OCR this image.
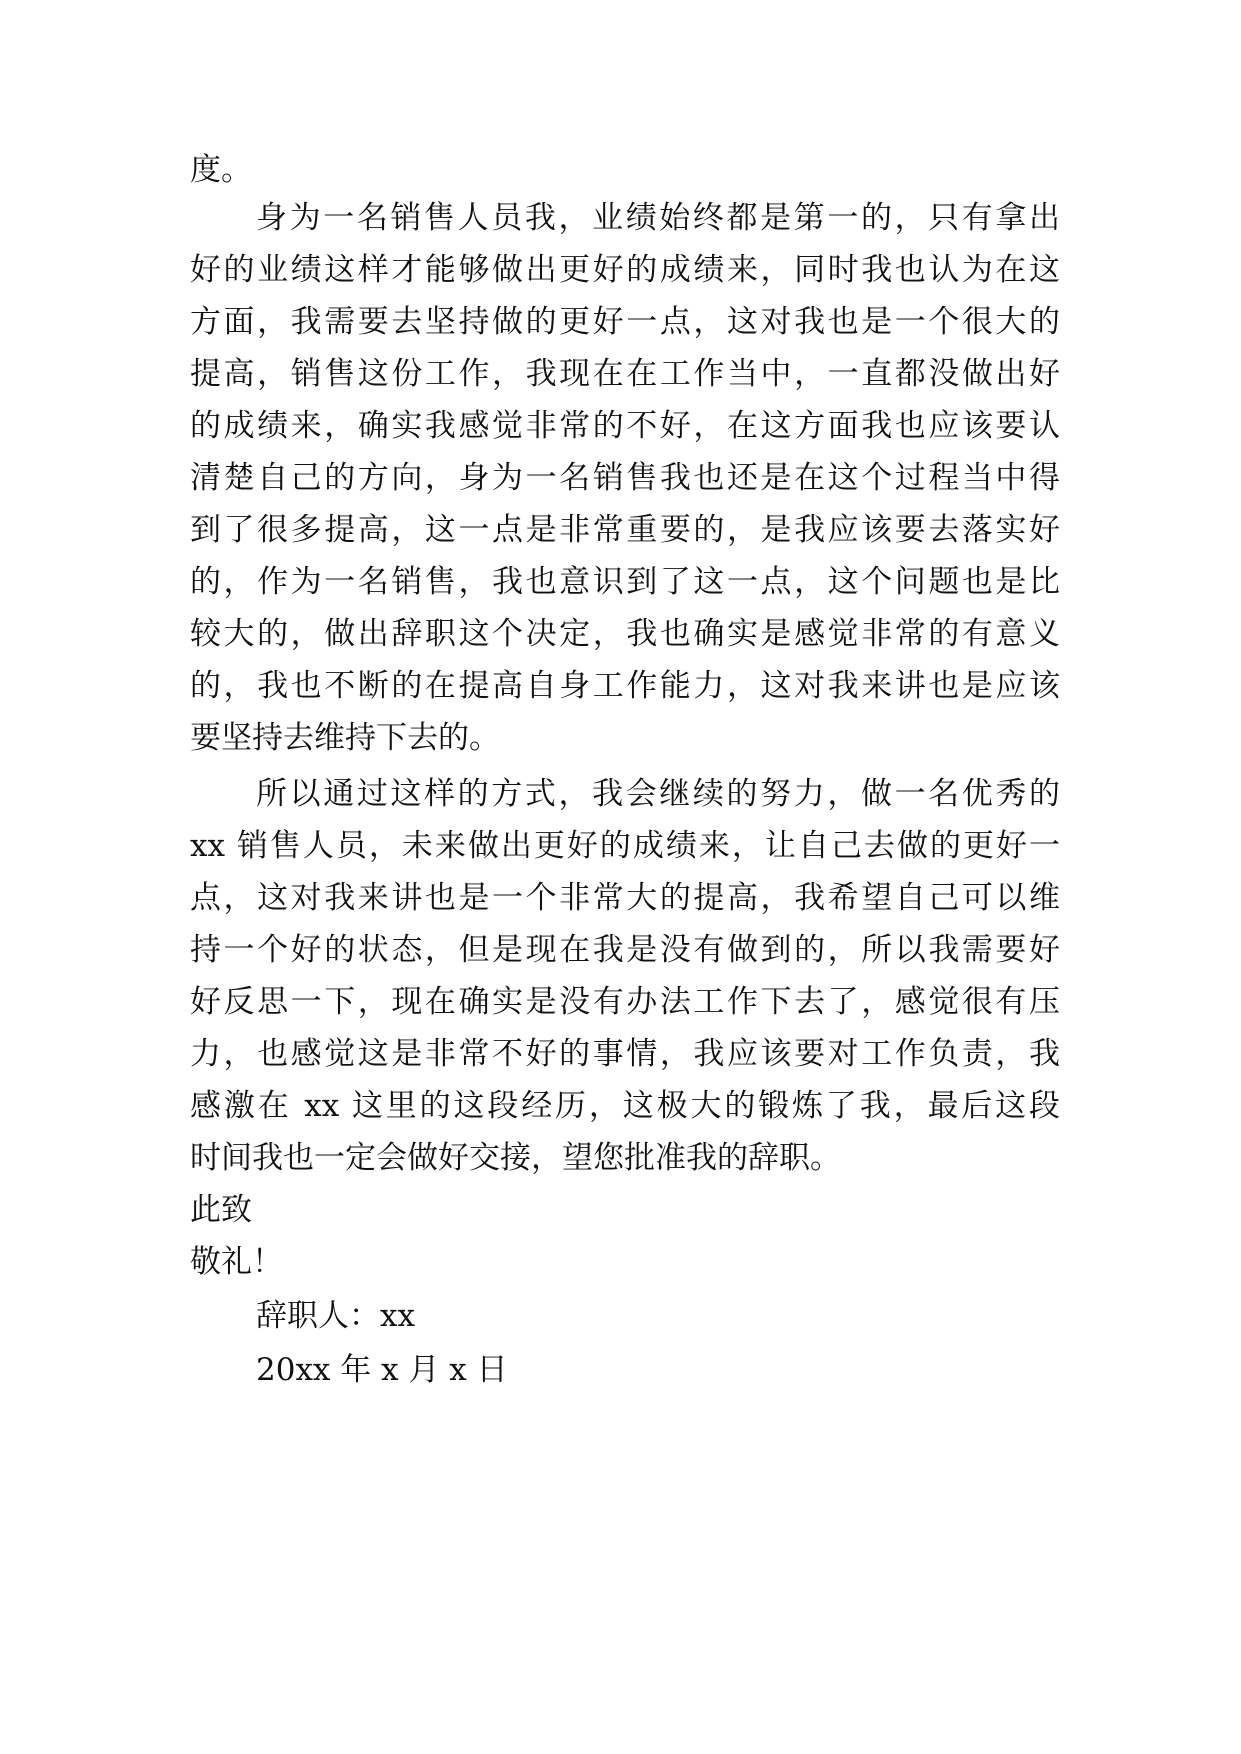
度。
身为一名销售人员我，业绩始终都是第一的，只有拿出
好的业绩这样才能够做出更好的成绩来，同时我也认为在这
方面，我需要去坚持做的更好一点，这对我也是一个很大的
提高，销售这份工作，我现在在工作当中，一直都没做出好
的成绩来，确实我感觉非常的不好，在这方面我也应该要认
清楚自己的方向，身为一名销售我也还是在这个过程当中得
到了很多提高，这一点是非常重要的，是我应该要去落实好
的，作为一名销售，我也意识到了这一点，这个问题也是比
较大的，做出辞职这个决定，我也确实是感觉非常的有意义
的，我也不断的在提高自身工作能力，这对我来讲也是应该
要坚持去维持下去的。
所以通过这样的方式，我会继续的努力，做一名优秀的
xx 销售人员，未来做出更好的成绩来，让自己去做的更好一
点，这对我来讲也是一个非常大的提高，我希望自己可以维
持一个好的状态，但是现在我是没有做到的，所以我需要好
好反思一下，现在确实是没有办法工作下去了，感觉很有压
力，也感觉这是非常不好的事情，我应该要对工作负责，我
感激在 xx 这里的这段经历，这极大的锻炼了我，最后这段
时间我也一定会做好交接，望您批准我的辞职。
此致
敬礼！
辞职人：xx
20xx 年 x 月 x 日
